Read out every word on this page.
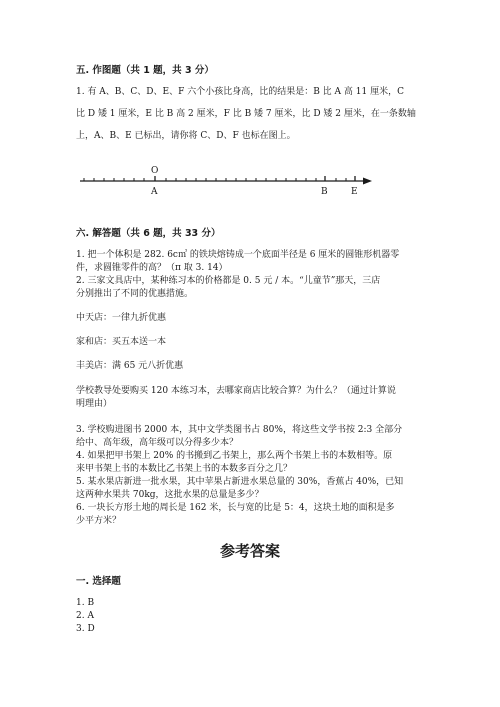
五. 作图题（共 1 题，共 3 分）
1. 有 A、B、C、D、E、F 六个小孩比身高，比的结果是：B 比 A 高 11 厘米，C
比 D 矮 1 厘米，E 比 B 高 2 厘米，F 比 B 矮 7 厘米，比 D 矮 2 厘米，在一条数轴
上，A、B、E 已标出，请你将 C、D、F 也标在图上。
O
A	B	E
六. 解答题（共 6 题，共 33 分）
1. 把一个体积是 282. 6c㎥ 的铁块熔铸成一个底面半径是 6 厘米的圆锥形机器零
件，求圆锥零件的高？（π 取 3. 14）
2. 三家文具店中，某种练习本的价格都是 0. 5 元 / 本。“儿童节”那天，三店
分别推出了不同的优惠措施。
中天店：一律九折优惠
家和店：买五本送一本
丰美店：满 65 元八折优惠
学校教导处要购买 120 本练习本，去哪家商店比较合算？为什么？（通过计算说
明理由）
3. 学校购进图书 2000 本，其中文学类图书占 80%，将这些文学书按 2:3 全部分
给中、高年级，高年级可以分得多少本？
4. 如果把甲书架上 20% 的书搬到乙书架上，那么两个书架上书的本数相等。原
来甲书架上书的本数比乙书架上书的本数多百分之几？
5. 某水果店新进一批水果，其中苹果占新进水果总量的 30%，香蕉占 40%，已知
这两种水果共 70kg，这批水果的总量是多少？
6. 一块长方形土地的周长是 162 米，长与宽的比是 5：4，这块土地的面积是多
少平方米？
参考答案
一. 选择题
1. B
2. A
3. D
